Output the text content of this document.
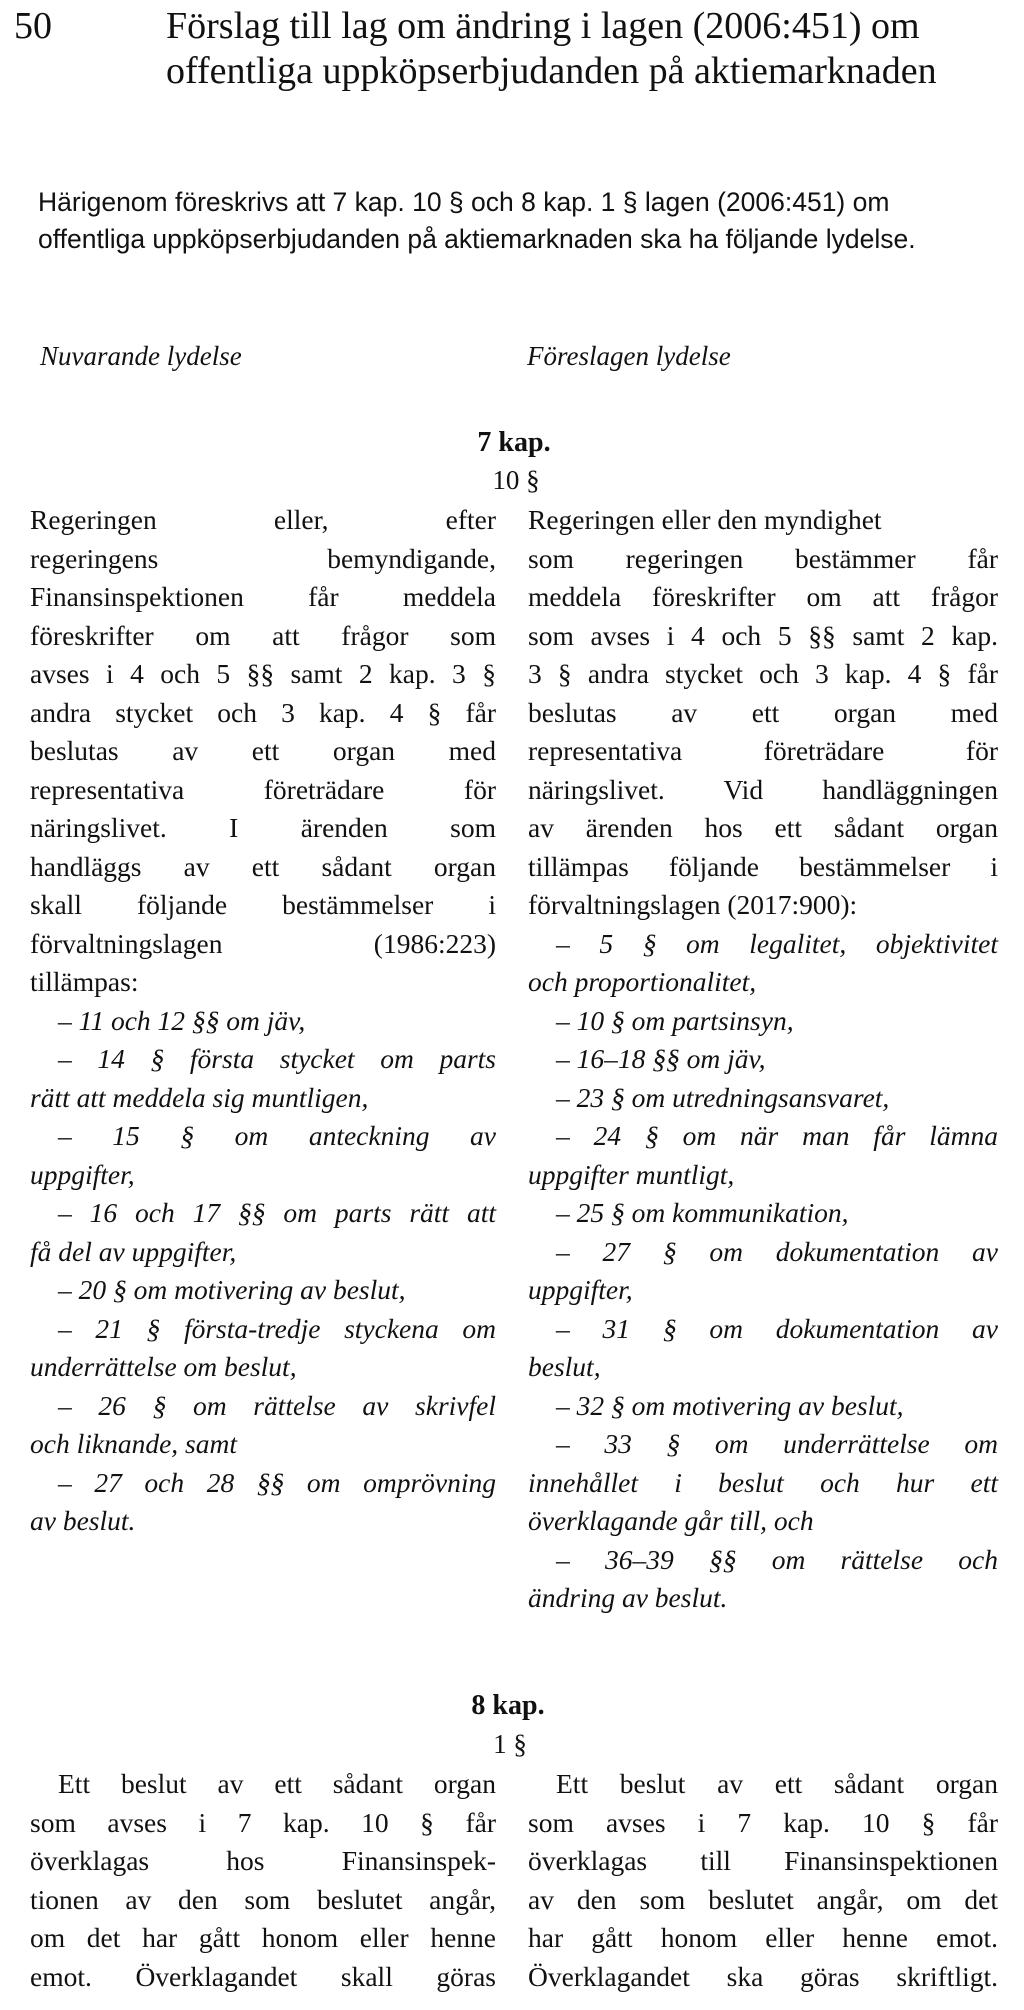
50	Förslag till lag om ändring i lagen (2006:451) om offentliga uppköpserbjudanden på aktiemarknaden

Härigenom föreskrivs att 7 kap. 10 § och 8 kap. 1 § lagen (2006:451) om offentliga uppköpserbjudanden på aktiemarknaden ska ha följande lydelse.

Nuvarande lydelse	Föreslagen lydelse
7 kap.
10 §
Regeringen eller, efter
regeringens bemyndigande,
Finansinspektionen får meddela
föreskrifter om att frågor som
avses i 4 och 5 §§ samt 2 kap. 3 §
andra stycket och 3 kap. 4 § får
beslutas av ett organ med
representativa företrädare för
näringslivet. I ärenden som
handläggs av ett sådant organ
skall följande bestämmelser i
förvaltningslagen (1986:223)
tillämpas:
– 11 och 12 §§ om jäv,
– 14 § första stycket om parts
rätt att meddela sig muntligen,
– 15 § om anteckning av
uppgifter,
– 16 och 17 §§ om parts rätt att
få del av uppgifter,
– 20 § om motivering av beslut,
– 21 § första-tredje styckena om
underrättelse om beslut,
– 26 § om rättelse av skrivfel
och liknande, samt
– 27 och 28 §§ om omprövning
av beslut.
Regeringen eller den myndighet
som regeringen bestämmer får
meddela föreskrifter om att frågor
som avses i 4 och 5 §§ samt 2 kap.
3 § andra stycket och 3 kap. 4 § får
beslutas av ett organ med
representativa företrädare för
näringslivet. Vid handläggningen
av ärenden hos ett sådant organ
tillämpas följande bestämmelser i
förvaltningslagen (2017:900):
– 5 § om legalitet, objektivitet
och proportionalitet,
– 10 § om partsinsyn,
– 16–18 §§ om jäv,
– 23 § om utredningsansvaret,
– 24 § om när man får lämna
uppgifter muntligt,
– 25 § om kommunikation,
– 27 § om dokumentation av
uppgifter,
– 31 § om dokumentation av
beslut,
– 32 § om motivering av beslut,
– 33 § om underrättelse om
innehållet i beslut och hur ett
överklagande går till, och
– 36–39 §§ om rättelse och
ändring av beslut.
8 kap.
1 §
Ett beslut av ett sådant organ
som avses i 7 kap. 10 § får
överklagas hos Finansinspek-
tionen av den som beslutet angår,
om det har gått honom eller henne
emot. Överklagandet skall göras
Ett beslut av ett sådant organ
som avses i 7 kap. 10 § får
överklagas till Finansinspektionen
av den som beslutet angår, om det
har gått honom eller henne emot.
Överklagandet ska göras skriftligt.
